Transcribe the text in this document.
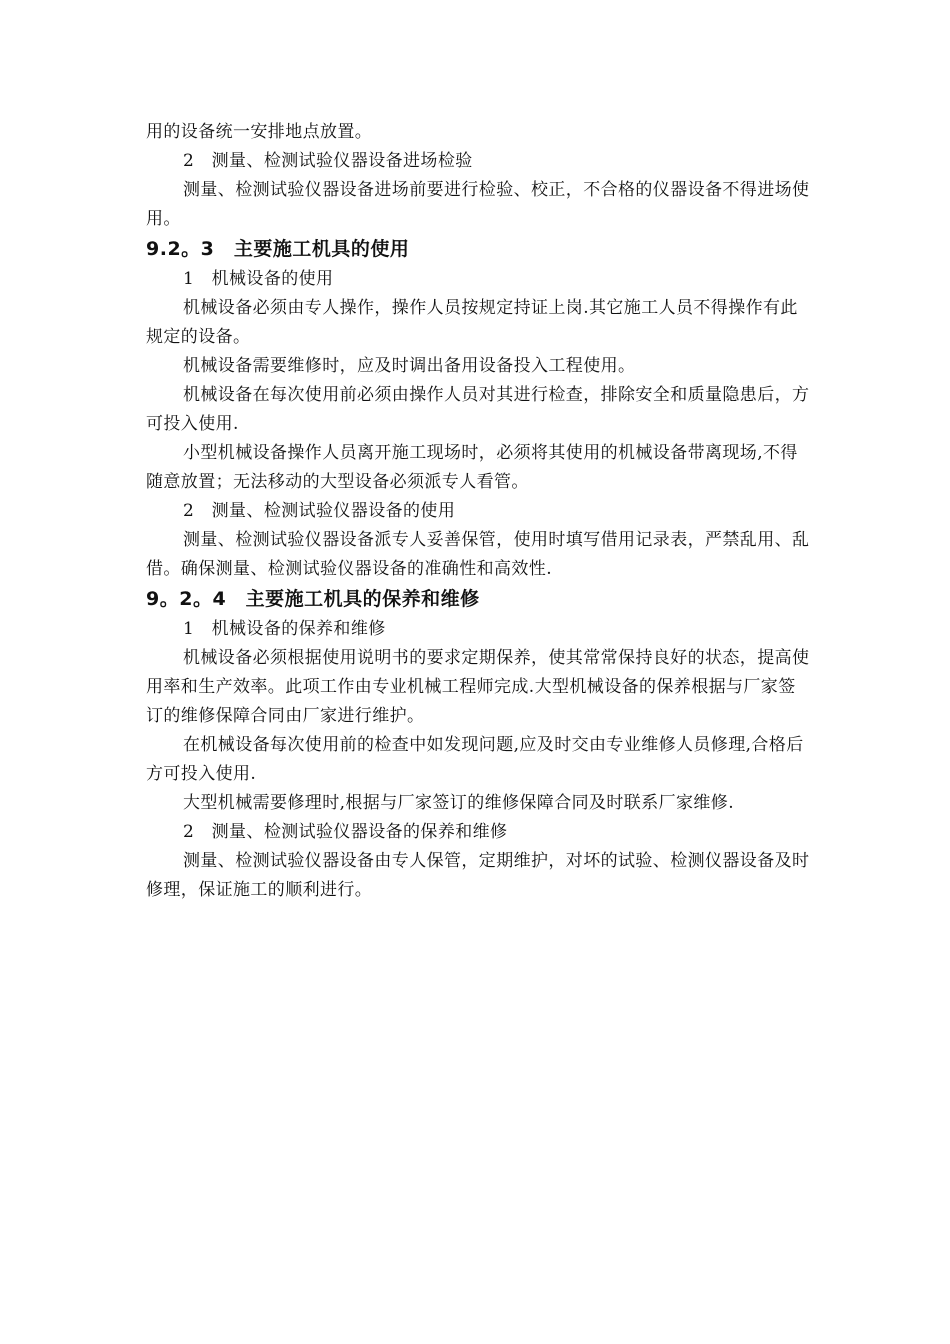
用的设备统一安排地点放置。

2　测量、检测试验仪器设备进场检验

测量、检测试验仪器设备进场前要进行检验、校正，不合格的仪器设备不得进场使用。

9.2。3　主要施工机具的使用

1　机械设备的使用

机械设备必须由专人操作，操作人员按规定持证上岗.其它施工人员不得操作有此规定的设备。

机械设备需要维修时，应及时调出备用设备投入工程使用。

机械设备在每次使用前必须由操作人员对其进行检查，排除安全和质量隐患后，方可投入使用.

小型机械设备操作人员离开施工现场时，必须将其使用的机械设备带离现场,不得随意放置；无法移动的大型设备必须派专人看管。

2　测量、检测试验仪器设备的使用

测量、检测试验仪器设备派专人妥善保管，使用时填写借用记录表，严禁乱用、乱借。确保测量、检测试验仪器设备的准确性和高效性.

9。2。4　主要施工机具的保养和维修

1　机械设备的保养和维修

机械设备必须根据使用说明书的要求定期保养，使其常常保持良好的状态，提高使用率和生产效率。此项工作由专业机械工程师完成.大型机械设备的保养根据与厂家签订的维修保障合同由厂家进行维护。

在机械设备每次使用前的检查中如发现问题,应及时交由专业维修人员修理,合格后方可投入使用.

大型机械需要修理时,根据与厂家签订的维修保障合同及时联系厂家维修.

2　测量、检测试验仪器设备的保养和维修

测量、检测试验仪器设备由专人保管，定期维护，对坏的试验、检测仪器设备及时修理，保证施工的顺利进行。
